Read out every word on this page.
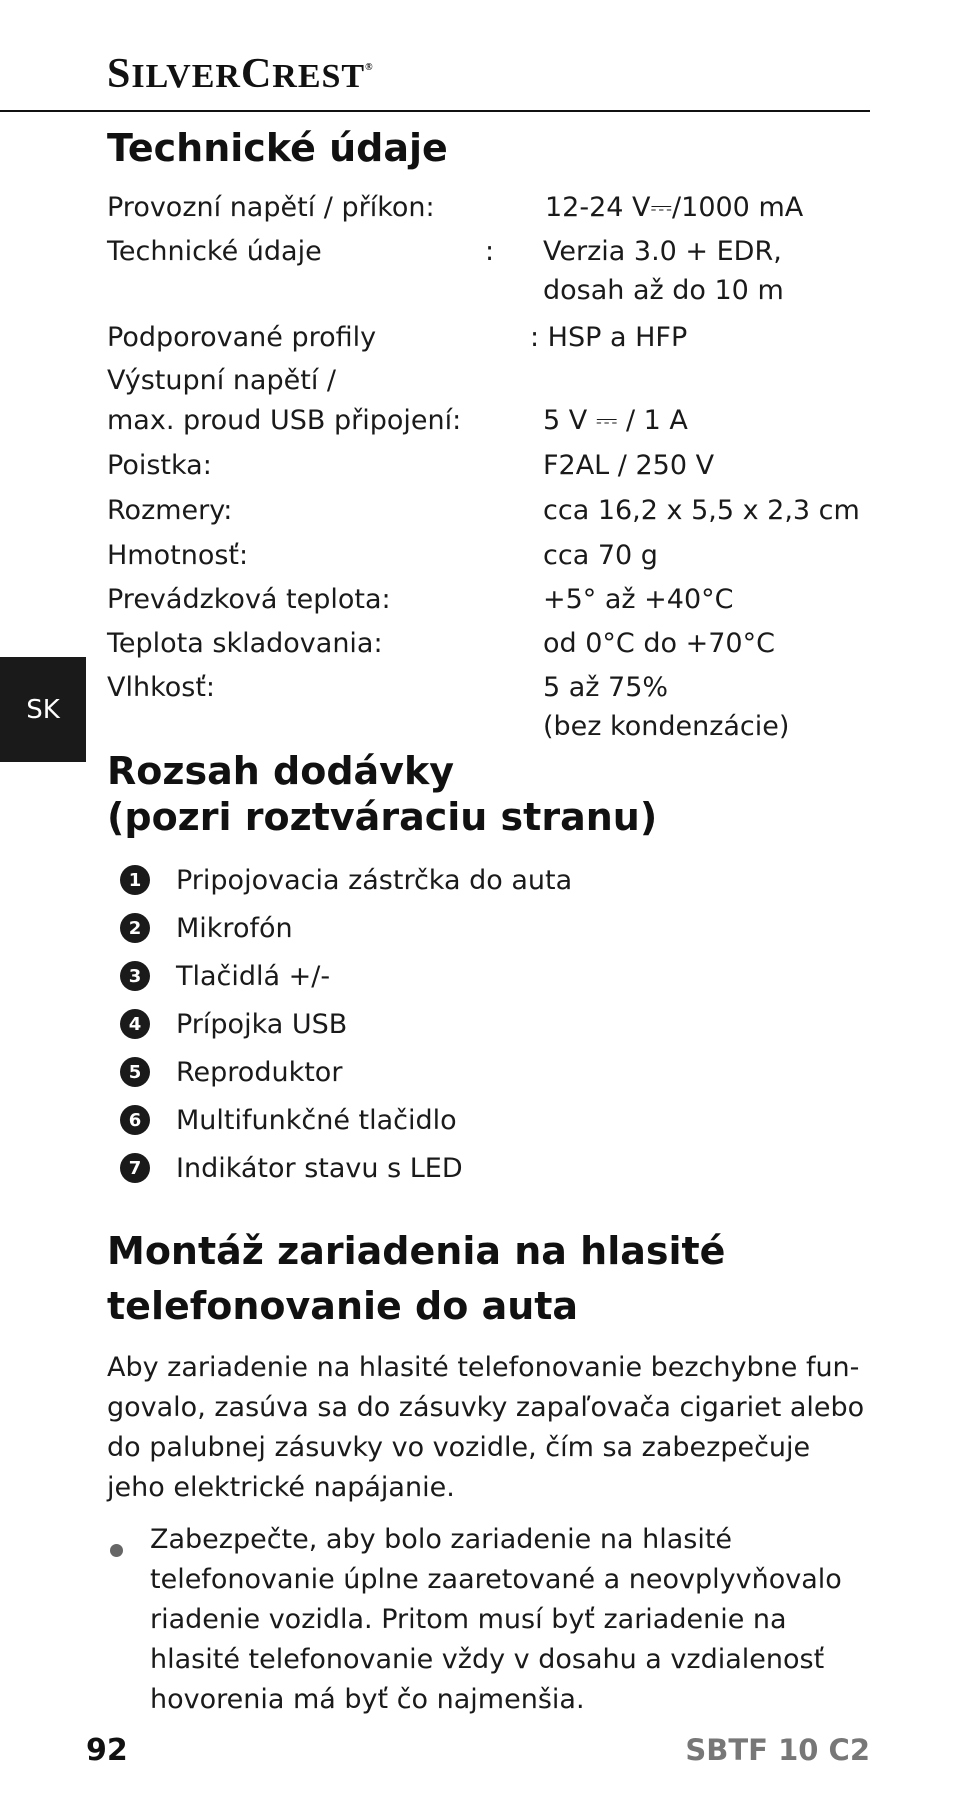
SILVERCREST®
Technické údaje
Provozní napětí / příkon:	12-24 V⎓/1000 mA
Technické údaje	: Verzia 3.0 + EDR,
dosah až do 10 m
Podporované profily	: HSP a HFP
Výstupní napětí /
max. proud USB připojení:	5 V ⎓ / 1 A
Poistka:	F2AL / 250 V
Rozmery:	cca 16,2 x 5,5 x 2,3 cm
Hmotnosť:	cca 70 g
Prevádzková teplota:	+5° až +40°C
Teplota skladovania:	od 0°C do +70°C
Vlhkosť:	5 až 75%
(bez kondenzácie)
SK
Rozsah dodávky
(pozri roztváraciu stranu)
1	Pripojovacia zástrčka do auta
2	Mikrofón
3	Tlačidlá +/-
4	Prípojka USB
5	Reproduktor
6	Multifunkčné tlačidlo
7	Indikátor stavu s LED
Montáž zariadenia na hlasité
telefonovanie do auta

Aby zariadenie na hlasité telefonovanie bezchybne fungovalo, zasúva sa do zásuvky zapaľovača cigariet alebo do palubnej zásuvky vo vozidle, čím sa zabezpečuje jeho elektrické napájanie.

Zabezpečte, aby bolo zariadenie na hlasité telefonovanie úplne zaaretované a neovplyvňovalo riadenie vozidla. Pritom musí byť zariadenie na hlasité telefonovanie vždy v dosahu a vzdialenosť hovorenia má byť čo najmenšia.

92	SBTF 10 C2
